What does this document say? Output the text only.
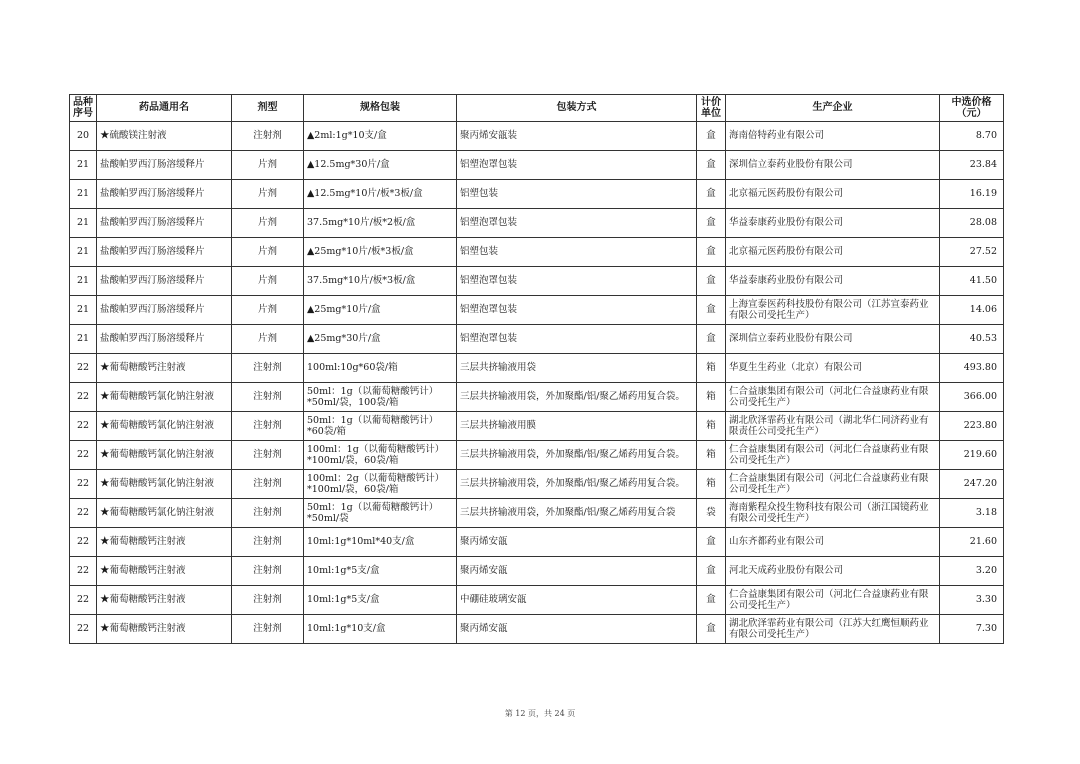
品种序号	药品通用名	剂型	规格包装	包装方式	计价单位	生产企业	中选价格（元）
20	★硫酸镁注射液	注射剂	▲2ml:1g*10支/盒	聚丙烯安瓿装	盒	海南倍特药业有限公司	8.70
21	盐酸帕罗西汀肠溶缓释片	片剂	▲12.5mg*30片/盒	铝塑泡罩包装	盒	深圳信立泰药业股份有限公司	23.84
21	盐酸帕罗西汀肠溶缓释片	片剂	▲12.5mg*10片/板*3板/盒	铝塑包装	盒	北京福元医药股份有限公司	16.19
21	盐酸帕罗西汀肠溶缓释片	片剂	37.5mg*10片/板*2板/盒	铝塑泡罩包装	盒	华益泰康药业股份有限公司	28.08
21	盐酸帕罗西汀肠溶缓释片	片剂	▲25mg*10片/板*3板/盒	铝塑包装	盒	北京福元医药股份有限公司	27.52
21	盐酸帕罗西汀肠溶缓释片	片剂	37.5mg*10片/板*3板/盒	铝塑泡罩包装	盒	华益泰康药业股份有限公司	41.50
21	盐酸帕罗西汀肠溶缓释片	片剂	▲25mg*10片/盒	铝塑泡罩包装	盒	上海宣泰医药科技股份有限公司（江苏宣泰药业有限公司受托生产）	14.06
21	盐酸帕罗西汀肠溶缓释片	片剂	▲25mg*30片/盒	铝塑泡罩包装	盒	深圳信立泰药业股份有限公司	40.53
22	★葡萄糖酸钙注射液	注射剂	100ml:10g*60袋/箱	三层共挤输液用袋	箱	华夏生生药业（北京）有限公司	493.80
22	★葡萄糖酸钙氯化钠注射液	注射剂	50ml：1g（以葡萄糖酸钙计）*50ml/袋，100袋/箱	三层共挤输液用袋，外加聚酯/铝/聚乙烯药用复合袋。	箱	仁合益康集团有限公司（河北仁合益康药业有限公司受托生产）	366.00
22	★葡萄糖酸钙氯化钠注射液	注射剂	50ml：1g（以葡萄糖酸钙计）*60袋/箱	三层共挤输液用膜	箱	湖北欣泽霏药业有限公司（湖北华仁同济药业有限责任公司受托生产）	223.80
22	★葡萄糖酸钙氯化钠注射液	注射剂	100ml：1g（以葡萄糖酸钙计）*100ml/袋，60袋/箱	三层共挤输液用袋，外加聚酯/铝/聚乙烯药用复合袋。	箱	仁合益康集团有限公司（河北仁合益康药业有限公司受托生产）	219.60
22	★葡萄糖酸钙氯化钠注射液	注射剂	100ml：2g（以葡萄糖酸钙计）*100ml/袋，60袋/箱	三层共挤输液用袋，外加聚酯/铝/聚乙烯药用复合袋。	箱	仁合益康集团有限公司（河北仁合益康药业有限公司受托生产）	247.20
22	★葡萄糖酸钙氯化钠注射液	注射剂	50ml：1g（以葡萄糖酸钙计）*50ml/袋	三层共挤输液用袋，外加聚酯/铝/聚乙烯药用复合袋	袋	海南紫程众投生物科技有限公司（浙江国镜药业有限公司受托生产）	3.18
22	★葡萄糖酸钙注射液	注射剂	10ml:1g*10ml*40支/盒	聚丙烯安瓿	盒	山东齐都药业有限公司	21.60
22	★葡萄糖酸钙注射液	注射剂	10ml:1g*5支/盒	聚丙烯安瓿	盒	河北天成药业股份有限公司	3.20
22	★葡萄糖酸钙注射液	注射剂	10ml:1g*5支/盒	中硼硅玻璃安瓿	盒	仁合益康集团有限公司（河北仁合益康药业有限公司受托生产）	3.30
22	★葡萄糖酸钙注射液	注射剂	10ml:1g*10支/盒	聚丙烯安瓿	盒	湖北欣泽霏药业有限公司（江苏大红鹰恒顺药业有限公司受托生产）	7.30
第 12 页，共 24 页
